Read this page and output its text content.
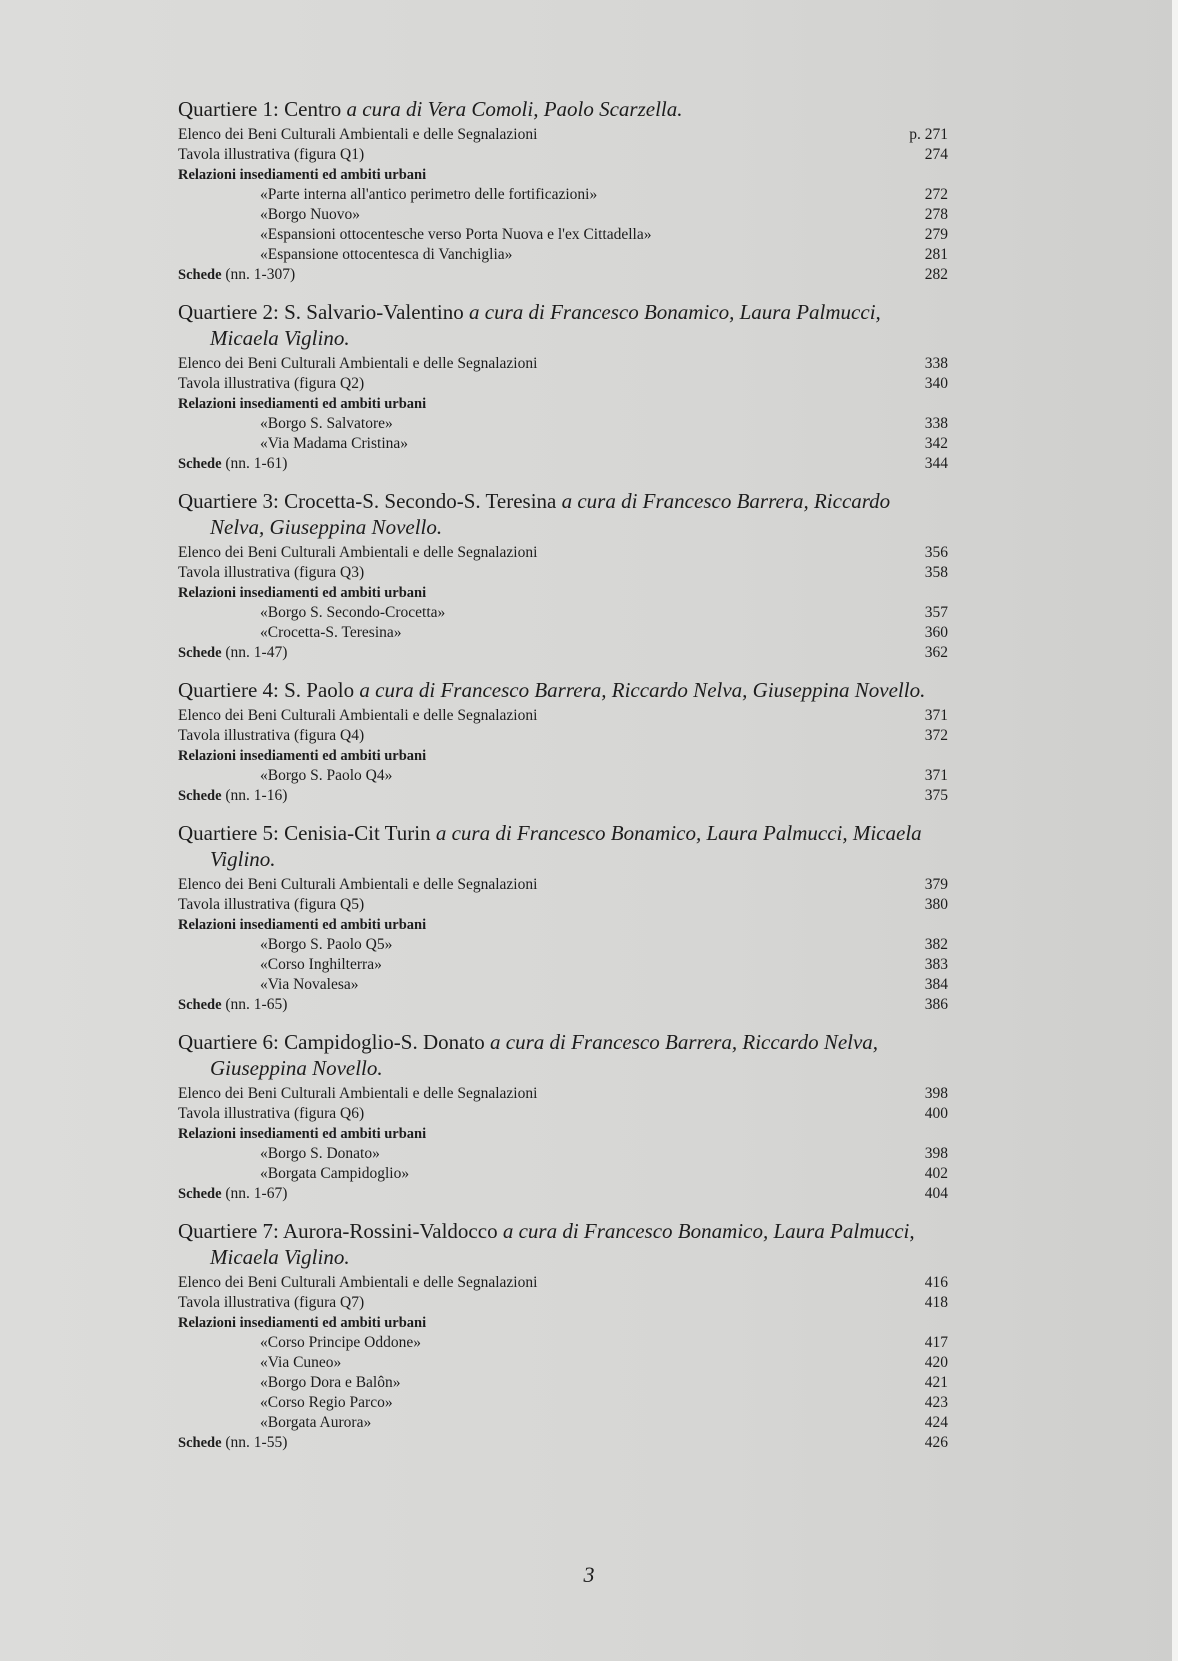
Quartiere 1: Centro a cura di Vera Comoli, Paolo Scarzella.
Elenco dei Beni Culturali Ambientali e delle Segnalazioni	p. 271
Tavola illustrativa (figura Q1)	274
Relazioni insediamenti ed ambiti urbani
«Parte interna all'antico perimetro delle fortificazioni»	272
«Borgo Nuovo»	278
«Espansioni ottocentesche verso Porta Nuova e l'ex Cittadella»	279
«Espansione ottocentesca di Vanchiglia»	281
Schede (nn. 1-307)	282
Quartiere 2: S. Salvario-Valentino a cura di Francesco Bonamico, Laura Palmucci, Micaela Viglino.
Elenco dei Beni Culturali Ambientali e delle Segnalazioni	338
Tavola illustrativa (figura Q2)	340
Relazioni insediamenti ed ambiti urbani
«Borgo S. Salvatore»	338
«Via Madama Cristina»	342
Schede (nn. 1-61)	344
Quartiere 3: Crocetta-S. Secondo-S. Teresina a cura di Francesco Barrera, Riccardo Nelva, Giuseppina Novello.
Elenco dei Beni Culturali Ambientali e delle Segnalazioni	356
Tavola illustrativa (figura Q3)	358
Relazioni insediamenti ed ambiti urbani
«Borgo S. Secondo-Crocetta»	357
«Crocetta-S. Teresina»	360
Schede (nn. 1-47)	362
Quartiere 4: S. Paolo a cura di Francesco Barrera, Riccardo Nelva, Giuseppina Novello.
Elenco dei Beni Culturali Ambientali e delle Segnalazioni	371
Tavola illustrativa (figura Q4)	372
Relazioni insediamenti ed ambiti urbani
«Borgo S. Paolo Q4»	371
Schede (nn. 1-16)	375
Quartiere 5: Cenisia-Cit Turin a cura di Francesco Bonamico, Laura Palmucci, Micaela Viglino.
Elenco dei Beni Culturali Ambientali e delle Segnalazioni	379
Tavola illustrativa (figura Q5)	380
Relazioni insediamenti ed ambiti urbani
«Borgo S. Paolo Q5»	382
«Corso Inghilterra»	383
«Via Novalesa»	384
Schede (nn. 1-65)	386
Quartiere 6: Campidoglio-S. Donato a cura di Francesco Barrera, Riccardo Nelva, Giuseppina Novello.
Elenco dei Beni Culturali Ambientali e delle Segnalazioni	398
Tavola illustrativa (figura Q6)	400
Relazioni insediamenti ed ambiti urbani
«Borgo S. Donato»	398
«Borgata Campidoglio»	402
Schede (nn. 1-67)	404
Quartiere 7: Aurora-Rossini-Valdocco a cura di Francesco Bonamico, Laura Palmucci, Micaela Viglino.
Elenco dei Beni Culturali Ambientali e delle Segnalazioni	416
Tavola illustrativa (figura Q7)	418
Relazioni insediamenti ed ambiti urbani
«Corso Principe Oddone»	417
«Via Cuneo»	420
«Borgo Dora e Balôn»	421
«Corso Regio Parco»	423
«Borgata Aurora»	424
Schede (nn. 1-55)	426
3
